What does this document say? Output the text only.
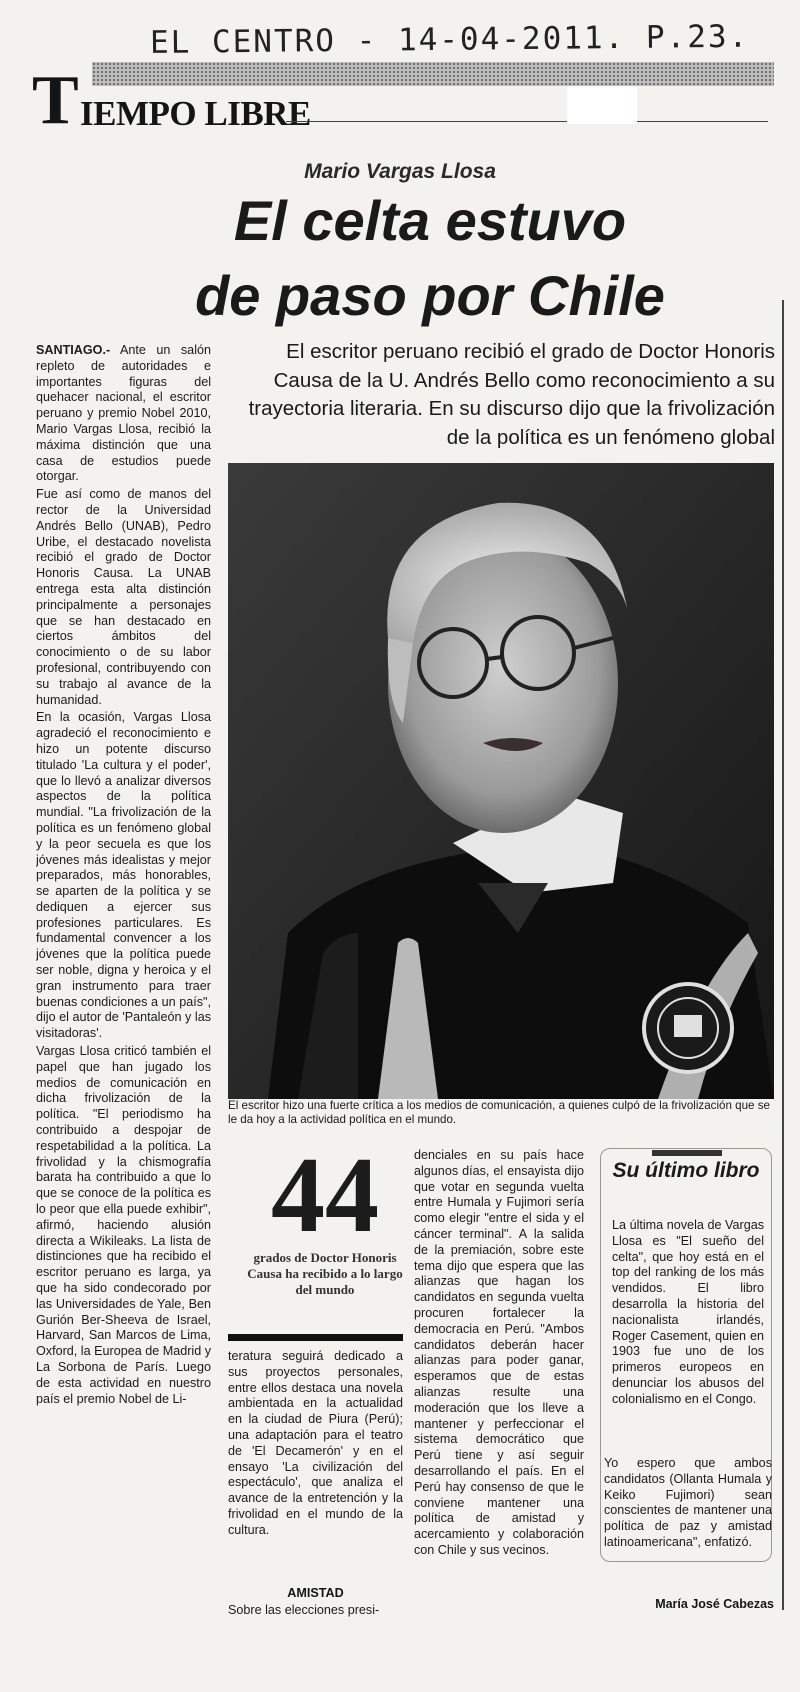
EL CENTRO - 14-04-2011. P.23.
T IEMPO LIBRE
Mario Vargas Llosa
El celta estuvo
de paso por Chile
El escritor peruano recibió el grado de Doctor Honoris Causa de la U. Andrés Bello como reconocimiento a su trayectoria literaria. En su discurso dijo que la frivolización de la política es un fenómeno global

SANTIAGO.- Ante un salón repleto de autoridades e importantes figuras del quehacer nacional, el escritor peruano y premio Nobel 2010, Mario Vargas Llosa, recibió la máxima distinción que una casa de estudios puede otorgar.

Fue así como de manos del rector de la Universidad Andrés Bello (UNAB), Pedro Uribe, el destacado novelista recibió el grado de Doctor Honoris Causa. La UNAB entrega esta alta distinción principalmente a personajes que se han destacado en ciertos ámbitos del conocimiento o de su labor profesional, contribuyendo con su trabajo al avance de la humanidad.

En la ocasión, Vargas Llosa agradeció el reconocimiento e hizo un potente discurso titulado 'La cultura y el poder', que lo llevó a analizar diversos aspectos de la política mundial. "La frivolización de la política es un fenómeno global y la peor secuela es que los jóvenes más idealistas y mejor preparados, más honorables, se aparten de la política y se dediquen a ejercer sus profesiones particulares. Es fundamental convencer a los jóvenes que la política puede ser noble, digna y heroica y el gran instrumento para traer buenas condiciones a un país", dijo el autor de 'Pantaleón y las visitadoras'.

Vargas Llosa criticó también el papel que han jugado los medios de comunicación en dicha frivolización de la política. "El periodismo ha contribuido a despojar de respetabilidad a la política. La frivolidad y la chismografía barata ha contribuido a que lo que se conoce de la política es lo peor que ella puede exhibir", afirmó, haciendo alusión directa a Wikileaks. La lista de distinciones que ha recibido el escritor peruano es larga, ya que ha sido condecorado por las Universidades de Yale, Ben Gurión Ber-Sheeva de Israel, Harvard, San Marcos de Lima, Oxford, la Europea de Madrid y La Sorbona de París. Luego de esta actividad en nuestro país el premio Nobel de Li-

El escritor hizo una fuerte crítica a los medios de comunicación, a quienes culpó de la frivolización que se le da hoy a la actividad política en el mundo.
44
grados de Doctor Honoris Causa ha recibido a lo largo del mundo

teratura seguirá dedicado a sus proyectos personales, entre ellos destaca una novela ambientada en la actualidad en la ciudad de Piura (Perú); una adaptación para el teatro de 'El Decamerón' y en el ensayo 'La civilización del espectáculo', que analiza el avance de la entretención y la frivolidad en el mundo de la cultura.

AMISTAD

Sobre las elecciones presi-

denciales en su país hace algunos días, el ensayista dijo que votar en segunda vuelta entre Humala y Fujimori sería como elegir "entre el sida y el cáncer terminal". A la salida de la premiación, sobre este tema dijo que espera que las alianzas que hagan los candidatos en segunda vuelta procuren fortalecer la democracia en Perú. "Ambos candidatos deberán hacer alianzas para poder ganar, esperamos que de estas alianzas resulte una moderación que los lleve a mantener y perfeccionar el sistema democrático que Perú tiene y así seguir desarrollando el país. En el Perú hay consenso de que le conviene mantener una política de amistad y acercamiento y colaboración con Chile y sus vecinos.

Su último libro
La última novela de Vargas Llosa es "El sueño del celta", que hoy está en el top del ranking de los más vendidos. El libro desarrolla la historia del nacionalista irlandés, Roger Casement, quien en 1903 fue uno de los primeros europeos en denunciar los abusos del colonialismo en el Congo.

Yo espero que ambos candidatos (Ollanta Humala y Keiko Fujimori) sean conscientes de mantener una política de paz y amistad latinoamericana", enfatizó.

María José Cabezas
